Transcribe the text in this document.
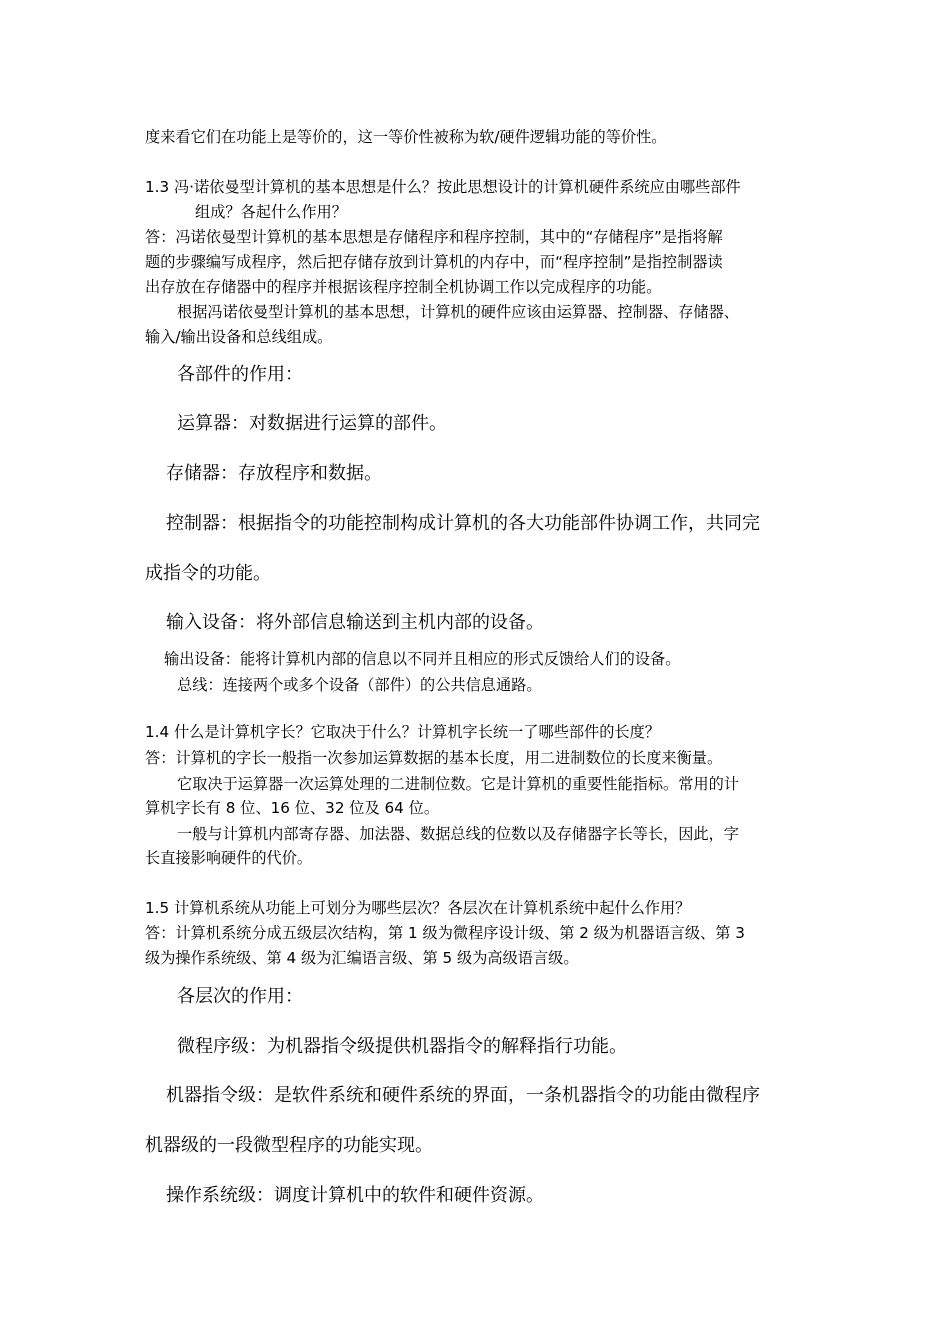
度来看它们在功能上是等价的，这一等价性被称为软/硬件逻辑功能的等价性。
1.3 冯·诺依曼型计算机的基本思想是什么？按此思想设计的计算机硬件系统应由哪些部件
组成？各起什么作用？
答：冯诺依曼型计算机的基本思想是存储程序和程序控制，其中的“存储程序”是指将解
题的步骤编写成程序，然后把存储存放到计算机的内存中，而“程序控制”是指控制器读
出存放在存储器中的程序并根据该程序控制全机协调工作以完成程序的功能。
根据冯诺依曼型计算机的基本思想，计算机的硬件应该由运算器、控制器、存储器、
输入/输出设备和总线组成。
各部件的作用：
运算器：对数据进行运算的部件。
存储器：存放程序和数据。
控制器：根据指令的功能控制构成计算机的各大功能部件协调工作，共同完
成指令的功能。
输入设备：将外部信息输送到主机内部的设备。
输出设备：能将计算机内部的信息以不同并且相应的形式反馈给人们的设备。
总线：连接两个或多个设备（部件）的公共信息通路。
1.4 什么是计算机字长？它取决于什么？计算机字长统一了哪些部件的长度？
答：计算机的字长一般指一次参加运算数据的基本长度，用二进制数位的长度来衡量。
它取决于运算器一次运算处理的二进制位数。它是计算机的重要性能指标。常用的计
算机字长有 8 位、16 位、32 位及 64 位。
一般与计算机内部寄存器、加法器、数据总线的位数以及存储器字长等长，因此，字
长直接影响硬件的代价。
1.5 计算机系统从功能上可划分为哪些层次？各层次在计算机系统中起什么作用？
答：计算机系统分成五级层次结构，第 1 级为微程序设计级、第 2 级为机器语言级、第 3
级为操作系统级、第 4 级为汇编语言级、第 5 级为高级语言级。
各层次的作用：
微程序级：为机器指令级提供机器指令的解释指行功能。
机器指令级：是软件系统和硬件系统的界面，一条机器指令的功能由微程序
机器级的一段微型程序的功能实现。
操作系统级：调度计算机中的软件和硬件资源。
